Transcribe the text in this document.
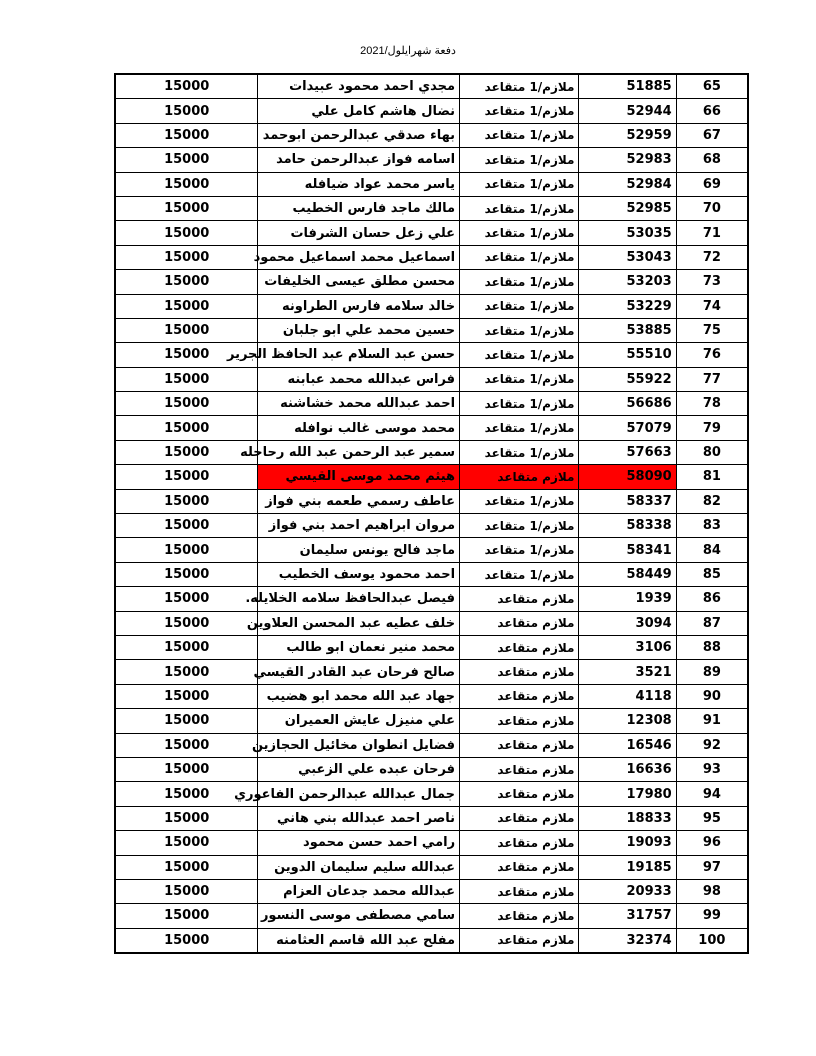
دفعة شهرايلول/2021
15000	مجدي احمد محمود عبيدات	ملازم/1 متقاعد	51885	65
15000	نضال هاشم كامل علي	ملازم/1 متقاعد	52944	66
15000	بهاء صدقي عبدالرحمن ابوحمد	ملازم/1 متقاعد	52959	67
15000	اسامه فواز عبدالرحمن حامد	ملازم/1 متقاعد	52983	68
15000	ياسر محمد عواد ضيافله	ملازم/1 متقاعد	52984	69
15000	مالك ماجد فارس الخطيب	ملازم/1 متقاعد	52985	70
15000	علي زعل حسان الشرفات	ملازم/1 متقاعد	53035	71
15000	اسماعيل محمد اسماعيل محمود	ملازم/1 متقاعد	53043	72
15000	محسن مطلق عيسى الخليفات	ملازم/1 متقاعد	53203	73
15000	خالد سلامه فارس الطراونه	ملازم/1 متقاعد	53229	74
15000	حسين محمد علي ابو جلبان	ملازم/1 متقاعد	53885	75
15000	حسن عبد السلام عبد الحافظ الجرير	ملازم/1 متقاعد	55510	76
15000	فراس عبدالله محمد عبابنه	ملازم/1 متقاعد	55922	77
15000	احمد عبدالله محمد خشاشنه	ملازم/1 متقاعد	56686	78
15000	محمد موسى غالب نوافله	ملازم/1 متقاعد	57079	79
15000	سمير عبد الرحمن عبد الله رحاحله	ملازم/1 متقاعد	57663	80
15000	هيثم محمد موسى القيسي	ملازم متقاعد	58090	81
15000	عاطف رسمي طعمه بني فواز	ملازم/1 متقاعد	58337	82
15000	مروان ابراهيم احمد بني فواز	ملازم/1 متقاعد	58338	83
15000	ماجد فالح يونس سليمان	ملازم/1 متقاعد	58341	84
15000	احمد محمود يوسف الخطيب	ملازم/1 متقاعد	58449	85
15000	فيصل عبدالحافظ سلامه الخلايله.	ملازم متقاعد	1939	86
15000	خلف عطيه عبد المحسن العلاوين	ملازم متقاعد	3094	87
15000	محمد منير نعمان ابو طالب	ملازم متقاعد	3106	88
15000	صالح فرحان عبد القادر القيسي	ملازم متقاعد	3521	89
15000	جهاد عبد الله محمد ابو هضيب	ملازم متقاعد	4118	90
15000	علي منيزل عايش العميران	ملازم متقاعد	12308	91
15000	فضايل انطوان مخائيل الحجازين	ملازم متقاعد	16546	92
15000	فرحان عبده علي الزعبي	ملازم متقاعد	16636	93
15000	جمال عبدالله عبدالرحمن الفاعوري	ملازم متقاعد	17980	94
15000	ناصر احمد عبدالله بني هاني	ملازم متقاعد	18833	95
15000	رامي احمد حسن محمود	ملازم متقاعد	19093	96
15000	عبدالله سليم سليمان الدوين	ملازم متقاعد	19185	97
15000	عبدالله محمد جدعان العزام	ملازم متقاعد	20933	98
15000	سامي مصطفى موسى النسور	ملازم متقاعد	31757	99
15000	مفلح عبد الله قاسم العثامنه	ملازم متقاعد	32374	100
